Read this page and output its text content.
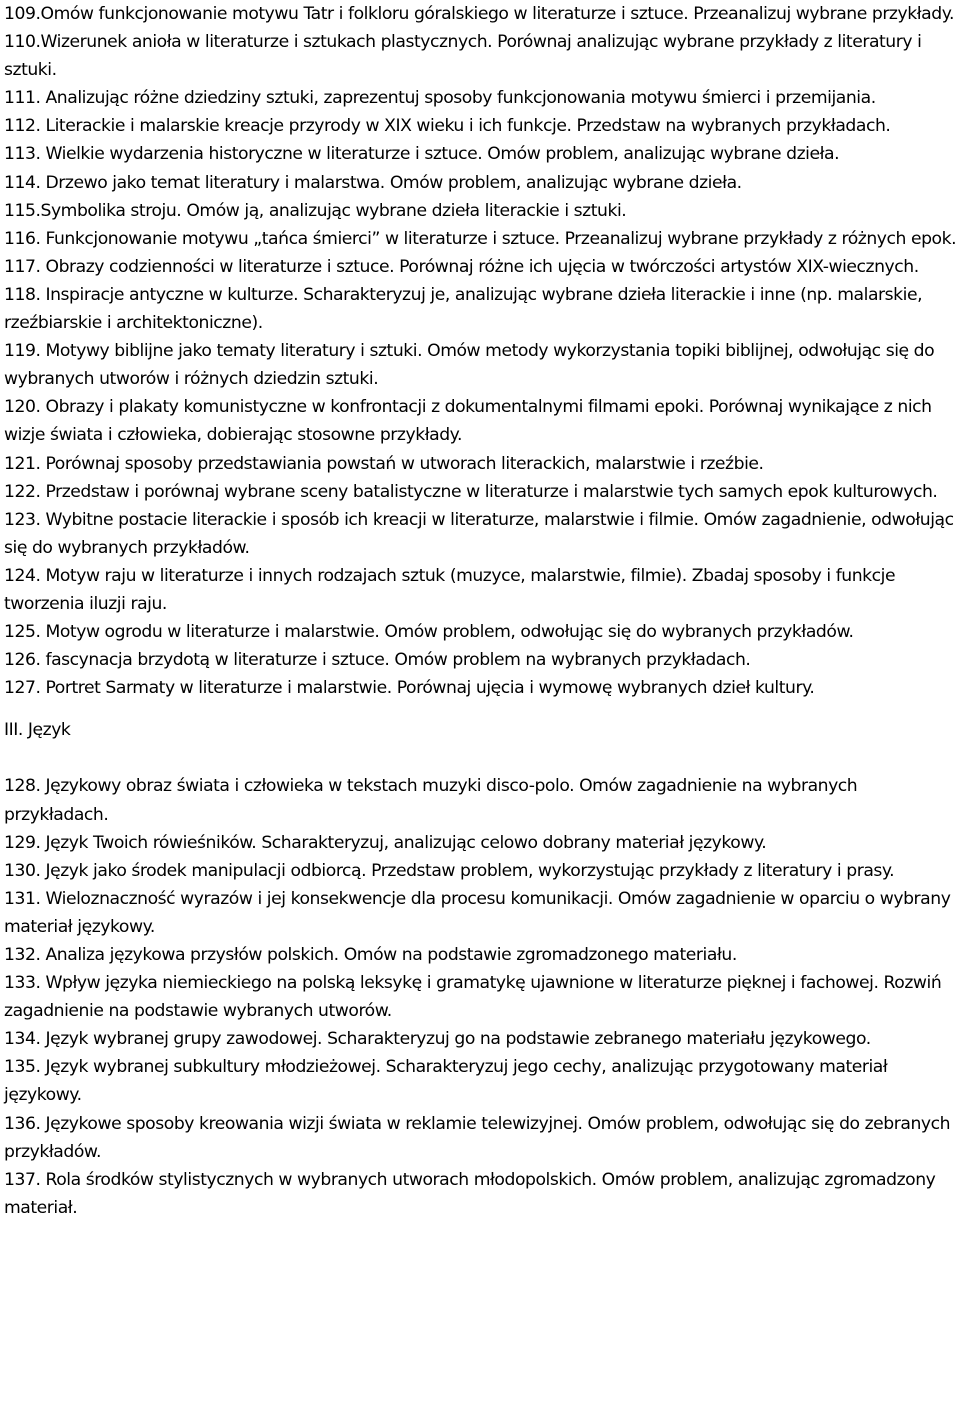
109.Omów funkcjonowanie motywu Tatr i folkloru góralskiego w literaturze i sztuce. Przeanalizuj wybrane przykłady.

110.Wizerunek anioła w literaturze i sztukach plastycznych. Porównaj analizując wybrane przykłady z literatury i sztuki.

111. Analizując różne dziedziny sztuki, zaprezentuj sposoby funkcjonowania motywu śmierci i przemijania.

112. Literackie i malarskie kreacje przyrody w XIX wieku i ich funkcje. Przedstaw na wybranych przykładach.

113. Wielkie wydarzenia historyczne w literaturze i sztuce. Omów problem, analizując wybrane dzieła.

114. Drzewo jako temat literatury i malarstwa. Omów problem, analizując wybrane dzieła.

115.Symbolika stroju. Omów ją, analizując wybrane dzieła literackie i sztuki.

116. Funkcjonowanie motywu „tańca śmierci” w literaturze i sztuce. Przeanalizuj wybrane przykłady z różnych epok.

117. Obrazy codzienności w literaturze i sztuce. Porównaj różne ich ujęcia w twórczości artystów XIX-wiecznych.

118. Inspiracje antyczne w kulturze. Scharakteryzuj je, analizując wybrane dzieła literackie i inne (np. malarskie, rzeźbiarskie i architektoniczne).

119. Motywy biblijne jako tematy literatury i sztuki. Omów metody wykorzystania topiki biblijnej, odwołując się do wybranych utworów i różnych dziedzin sztuki.

120. Obrazy i plakaty komunistyczne w konfrontacji z dokumentalnymi filmami epoki. Porównaj wynikające z nich wizje świata i człowieka, dobierając stosowne przykłady.

121. Porównaj sposoby przedstawiania powstań w utworach literackich, malarstwie i rzeźbie.

122. Przedstaw i porównaj wybrane sceny batalistyczne w literaturze i malarstwie tych samych epok kulturowych.

123. Wybitne postacie literackie i sposób ich kreacji w literaturze, malarstwie i filmie. Omów zagadnienie, odwołując się do wybranych przykładów.

124. Motyw raju w literaturze i innych rodzajach sztuk (muzyce, malarstwie, filmie). Zbadaj sposoby i funkcje tworzenia iluzji raju.

125. Motyw ogrodu w literaturze i malarstwie. Omów problem, odwołując się do wybranych przykładów.

126. fascynacja brzydotą w literaturze i sztuce. Omów problem na wybranych przykładach.

127. Portret Sarmaty w literaturze i malarstwie. Porównaj ujęcia i wymowę wybranych dzieł kultury.

III. Język

128. Językowy obraz świata i człowieka w tekstach muzyki disco-polo. Omów zagadnienie na wybranych przykładach.

129. Język Twoich rówieśników. Scharakteryzuj, analizując celowo dobrany materiał językowy.

130. Język jako środek manipulacji odbiorcą. Przedstaw problem, wykorzystując przykłady z literatury i prasy.

131. Wieloznaczność wyrazów i jej konsekwencje dla procesu komunikacji. Omów zagadnienie w oparciu o wybrany materiał językowy.

132. Analiza językowa przysłów polskich. Omów na podstawie zgromadzonego materiału.

133. Wpływ języka niemieckiego na polską leksykę i gramatykę ujawnione w literaturze pięknej i fachowej. Rozwiń zagadnienie na podstawie wybranych utworów.

134. Język wybranej grupy zawodowej. Scharakteryzuj go na podstawie zebranego materiału językowego.

135. Język wybranej subkultury młodzieżowej. Scharakteryzuj jego cechy, analizując przygotowany materiał językowy.

136. Językowe sposoby kreowania wizji świata w reklamie telewizyjnej. Omów problem, odwołując się do zebranych przykładów.

137. Rola środków stylistycznych w wybranych utworach młodopolskich. Omów problem, analizując zgromadzony materiał.
